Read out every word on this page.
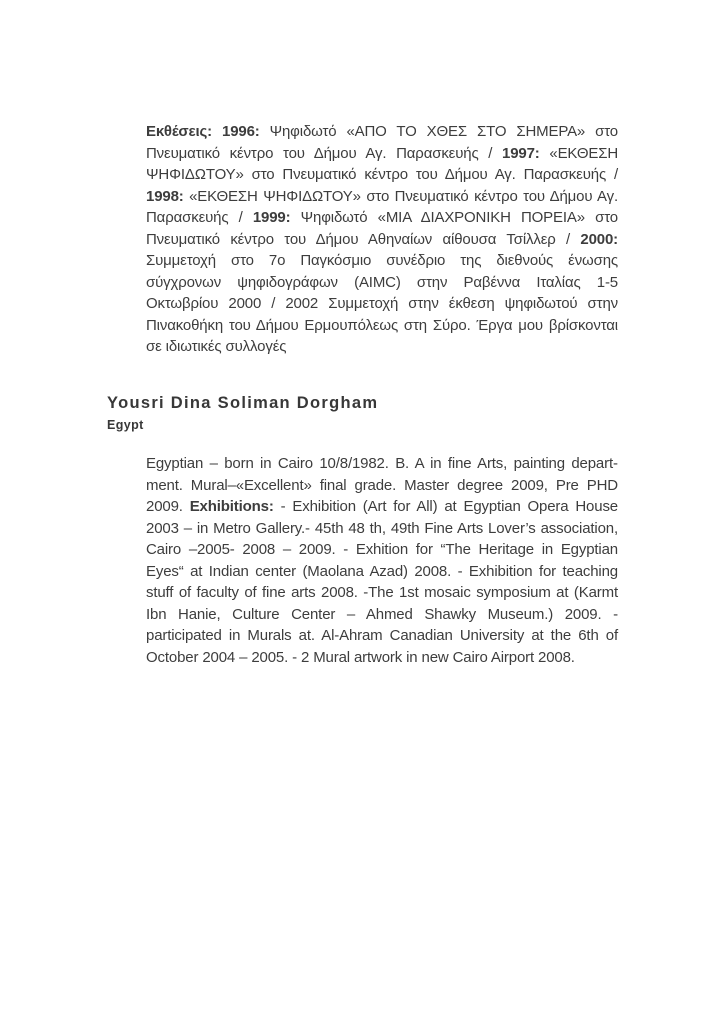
Εκθέσεις: 1996: Ψηφιδωτό «ΑΠΟ ΤΟ ΧΘΕΣ ΣΤΟ ΣΗΜΕΡΑ» στο Πνευματικό κέντρο του Δήμου Αγ. Παρασκευής / 1997: «ΕΚΘΕΣΗ ΨΗΦΙΔΩΤΟΥ» στο Πνευματικό κέντρο του Δήμου Αγ. Παρασκευής / 1998: «ΕΚΘΕΣΗ ΨΗΦΙΔΩΤΟΥ» στο Πνευματικό κέντρο του Δήμου Αγ. Παρασκευής / 1999: Ψηφιδωτό «ΜΙΑ ΔΙΑΧΡΟΝΙΚΗ ΠΟΡΕΙΑ» στο Πνευματικό κέντρο του Δήμου Αθηναίων αίθουσα Τσίλλερ / 2000: Συμμετοχή στο 7ο Παγκόσμιο συνέδριο της διεθνούς ένωσης σύγχρονων ψηφιδογράφων (AIMC) στην Ραβέννα Ιταλίας 1-5 Οκτωβρίου 2000 / 2002 Συμμετοχή στην έκθεση ψηφιδωτού στην Πινακοθήκη του Δήμου Ερμουπόλεως στη Σύρο. Έργα μου βρίσκονται σε ιδιωτικές συλλογές

Yousri Dina Soliman Dorgham
Egypt

Egyptian – born in Cairo 10/8/1982. B. A in fine Arts, painting department. Mural–«Excellent» final grade. Master degree 2009, Pre PHD 2009. Exhibitions: - Exhibition (Art for All) at Egyptian Opera House 2003 – in Metro Gallery.- 45th 48 th, 49th Fine Arts Lover’s association, Cairo –2005- 2008 – 2009. - Exhition for “The Heritage in Egyptian Eyes“ at Indian center (Maolana Azad) 2008. - Exhibition for teaching stuff of faculty of fine arts 2008. -The 1st mosaic symposium at (Karmt Ibn Hanie, Culture Center – Ahmed Shawky Museum.) 2009. - participated in Murals at. Al-Ahram Canadian University at the 6th of October 2004 – 2005. - 2 Mural artwork in new Cairo Airport 2008.
